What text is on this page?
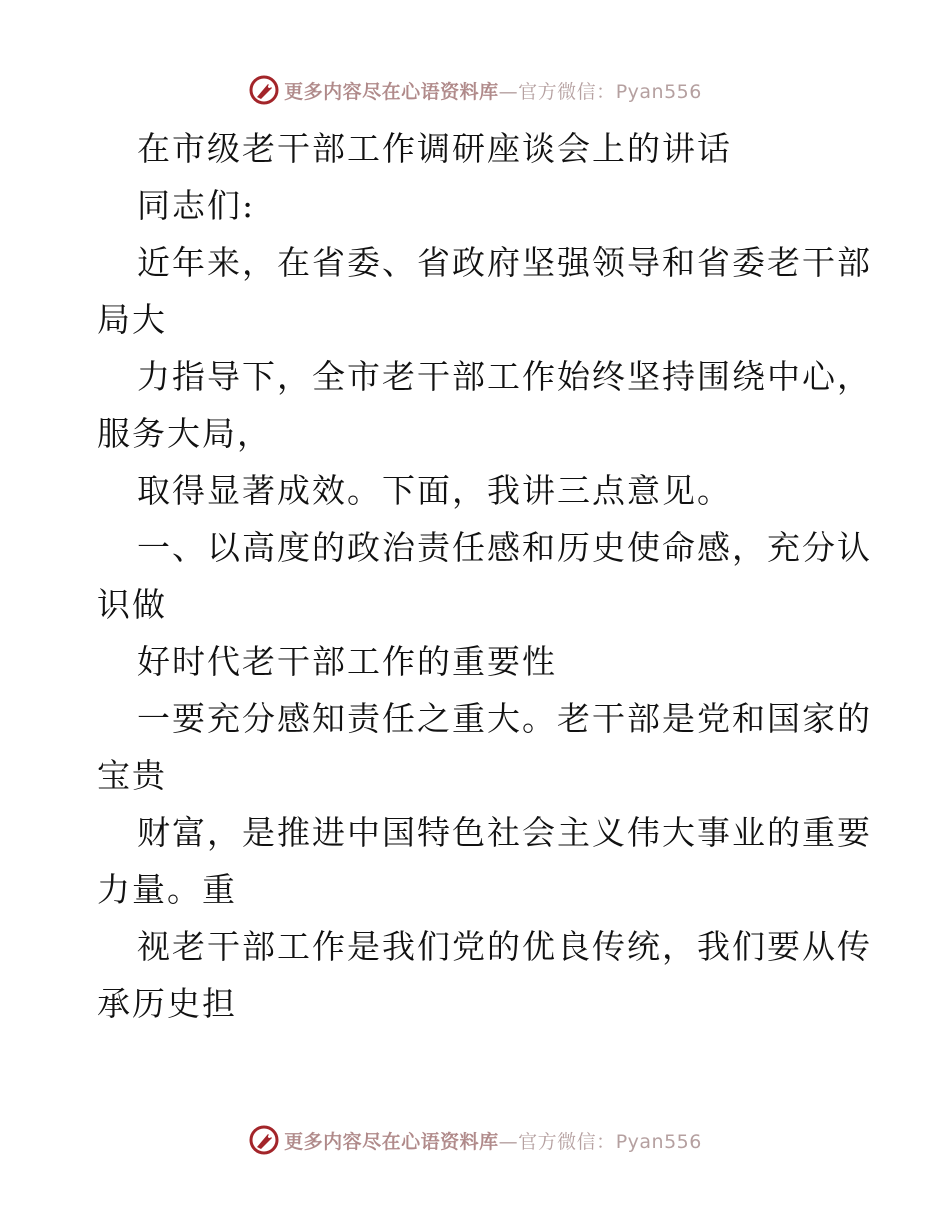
更多内容尽在心语资料库—官方微信：Pyan556

在市级老干部工作调研座谈会上的讲话

同志们:

近年来，在省委、省政府坚强领导和省委老干部

局大

力指导下，全市老干部工作始终坚持围绕中心，

服务大局，

取得显著成效。下面，我讲三点意见。

一、以高度的政治责任感和历史使命感，充分认

识做

好时代老干部工作的重要性

一要充分感知责任之重大。老干部是党和国家的

宝贵

财富，是推进中国特色社会主义伟大事业的重要

力量。重

视老干部工作是我们党的优良传统，我们要从传

承历史担

更多内容尽在心语资料库—官方微信：Pyan556
